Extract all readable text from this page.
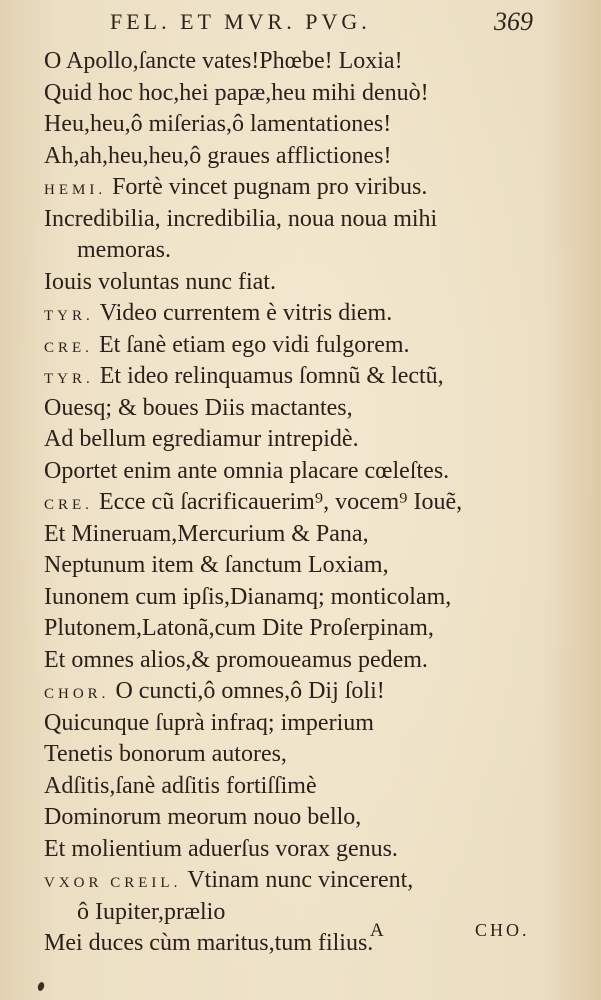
FEL. ET MVR. PVG.	369
O Apollo,ſancte vates!Phœbe! Loxia!
Quid hoc hoc,hei papæ,heu mihi denuò!
Heu,heu,ô miſerias,ô lamentationes!
Ah,ah,heu,heu,ô graues afflictiones!
HEMI. Fortè vincet pugnam pro viribus.
Incredibilia, incredibilia, noua noua mihi
memoras.
Iouis voluntas nunc fiat.
TYR. Video currentem è vitris diem.
CRE. Et ſanè etiam ego vidi fulgorem.
TYR. Et ideo relinquamus ſomnũ & lectũ,
Ouesq; & boues Diis mactantes,
Ad bellum egrediamur intrepidè.
Oportet enim ante omnia placare cœleſtes.
CRE. Ecce cũ ſacrificauerim⁹, vocem⁹ Iouẽ,
Et Mineruam,Mercurium & Pana,
Neptunum item & ſanctum Loxiam,
Iunonem cum ipſis,Dianamq; monticolam,
Plutonem,Latonã,cum Dite Proſerpinam,
Et omnes alios,& promoueamus pedem.
CHOR. O cuncti,ô omnes,ô Dij ſoli!
Quicunque ſuprà infraq; imperium
Tenetis bonorum autores,
Adſitis,ſanè adſitis fortiſſimè
Dominorum meorum nouo bello,
Et molientium aduerſus vorax genus.
VXOR CREIL. Vtinam nunc vincerent,
ô Iupiter,prælio
Mei duces cùm maritus,tum filius.
A	CHO.
